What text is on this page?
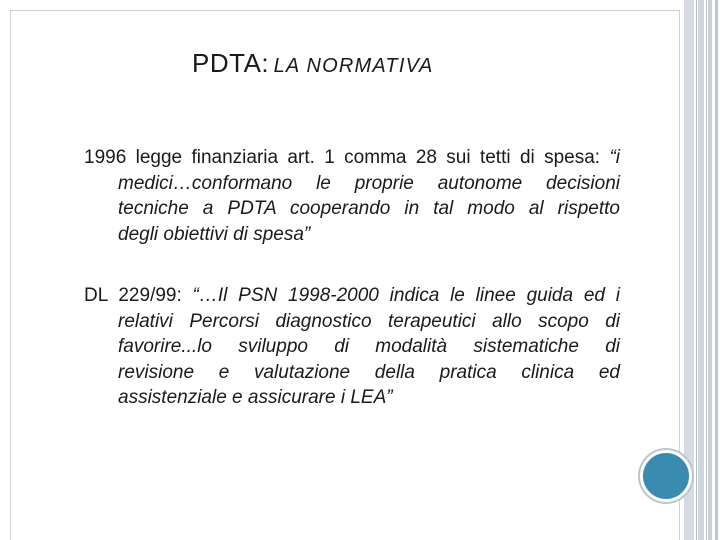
PDTA: LA NORMATIVA
1996 legge finanziaria art. 1 comma 28 sui tetti di spesa: “i
medici…conformano le proprie autonome decisioni
tecniche a PDTA cooperando in tal modo al rispetto
degli obiettivi di spesa”
DL 229/99: “…Il PSN 1998-2000 indica le linee guida ed i
relativi Percorsi diagnostico terapeutici allo scopo di
favorire...lo sviluppo di modalità sistematiche di
revisione e valutazione della pratica clinica ed
assistenziale e assicurare i LEA”
